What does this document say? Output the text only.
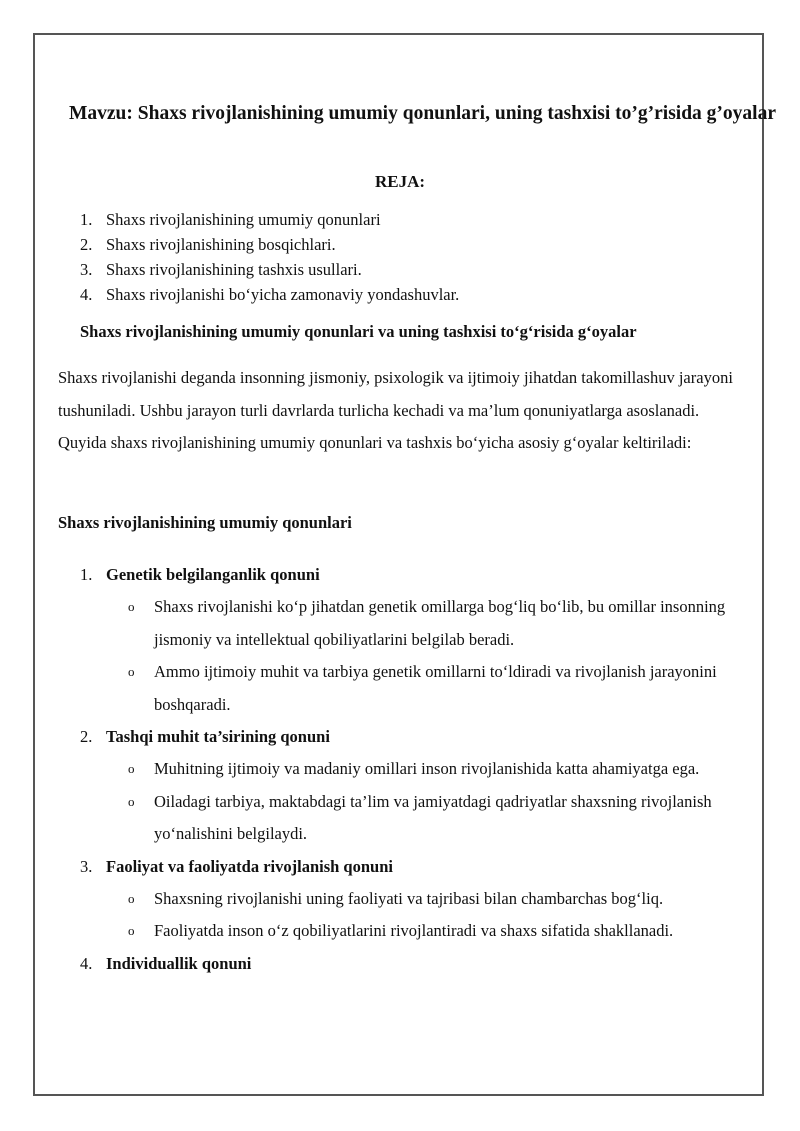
Mavzu: Shaxs rivojlanishining umumiy qonunlari, uning tashxisi to’g’risida g’oyalar

REJA:

1. Shaxs rivojlanishining umumiy qonunlari
2. Shaxs rivojlanishining bosqichlari.
3. Shaxs rivojlanishining tashxis usullari.
4. Shaxs rivojlanishi bo‘yicha zamonaviy yondashuvlar.

Shaxs rivojlanishining umumiy qonunlari va uning tashxisi to‘g‘risida g‘oyalar

Shaxs rivojlanishi deganda insonning jismoniy, psixologik va ijtimoiy jihatdan takomillashuv jarayoni tushuniladi. Ushbu jarayon turli davrlarda turlicha kechadi va ma’lum qonuniyatlarga asoslanadi. Quyida shaxs rivojlanishining umumiy qonunlari va tashxis bo‘yicha asosiy g‘oyalar keltiriladi:

Shaxs rivojlanishining umumiy qonunlari

1. Genetik belgilanganlik qonuni
o	Shaxs rivojlanishi ko‘p jihatdan genetik omillarga bog‘liq bo‘lib, bu omillar insonning jismoniy va intellektual qobiliyatlarini belgilab beradi.
o	Ammo ijtimoiy muhit va tarbiya genetik omillarni to‘ldiradi va rivojlanish jarayonini boshqaradi.
2. Tashqi muhit ta’sirining qonuni
o	Muhitning ijtimoiy va madaniy omillari inson rivojlanishida katta ahamiyatga ega.
o	Oiladagi tarbiya, maktabdagi ta’lim va jamiyatdagi qadriyatlar shaxsning rivojlanish yo‘nalishini belgilaydi.
3. Faoliyat va faoliyatda rivojlanish qonuni
o	Shaxsning rivojlanishi uning faoliyati va tajribasi bilan chambarchas bog‘liq.
o	Faoliyatda inson o‘z qobiliyatlarini rivojlantiradi va shaxs sifatida shakllanadi.
4. Individuallik qonuni
